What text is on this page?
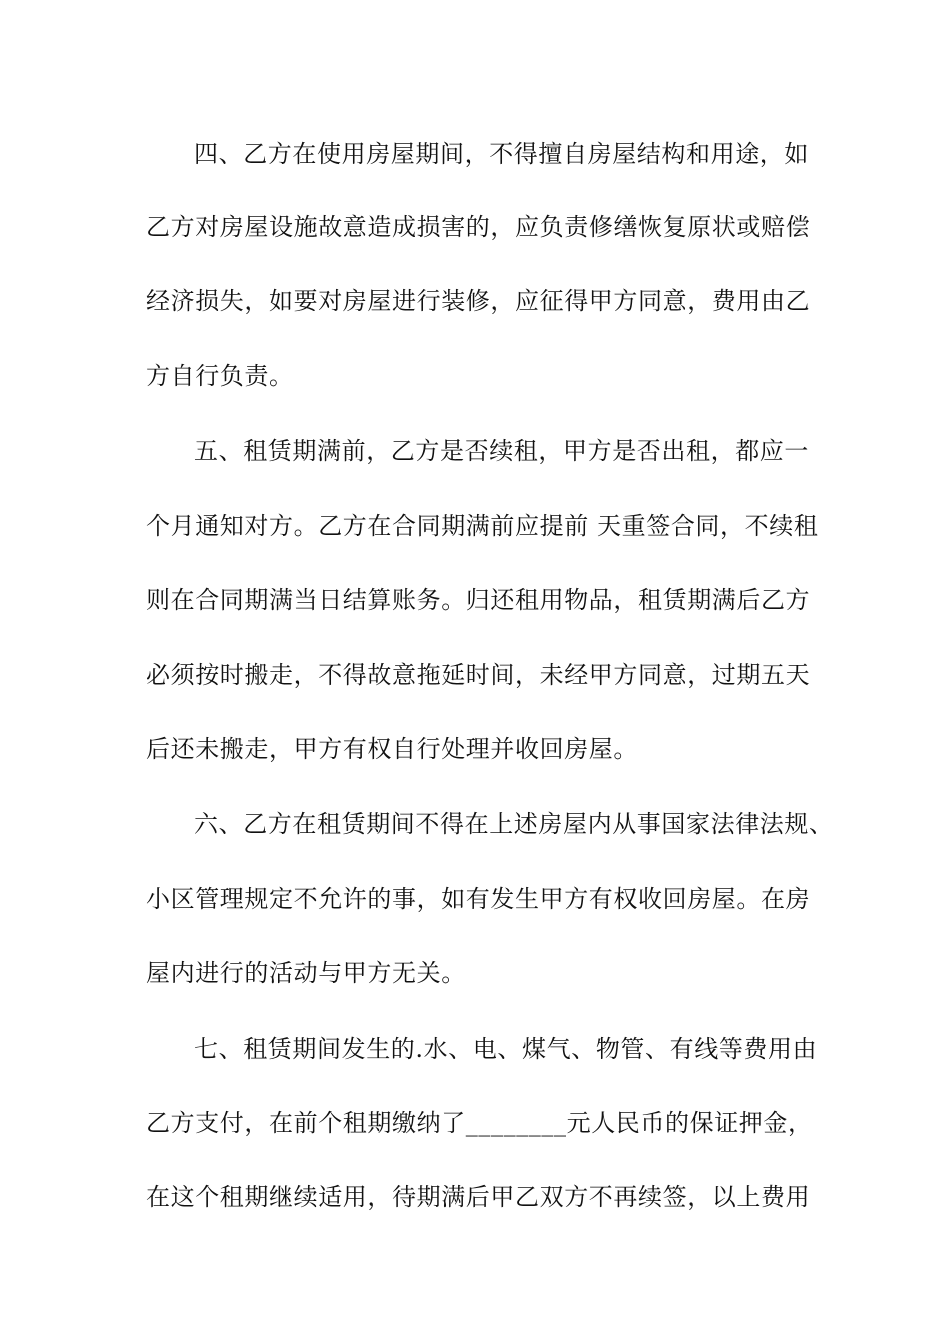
四、乙方在使用房屋期间，不得擅自房屋结构和用途，如
乙方对房屋设施故意造成损害的，应负责修缮恢复原状或赔偿
经济损失，如要对房屋进行装修，应征得甲方同意，费用由乙
方自行负责。
五、租赁期满前，乙方是否续租，甲方是否出租，都应一
个月通知对方。乙方在合同期满前应提前 天重签合同，不续租
则在合同期满当日结算账务。归还租用物品，租赁期满后乙方
必须按时搬走，不得故意拖延时间，未经甲方同意，过期五天
后还未搬走，甲方有权自行处理并收回房屋。
六、乙方在租赁期间不得在上述房屋内从事国家法律法规、
小区管理规定不允许的事，如有发生甲方有权收回房屋。在房
屋内进行的活动与甲方无关。
七、租赁期间发生的.水、电、煤气、物管、有线等费用由
乙方支付，在前个租期缴纳了________元人民币的保证押金，
在这个租期继续适用，待期满后甲乙双方不再续签，以上费用
